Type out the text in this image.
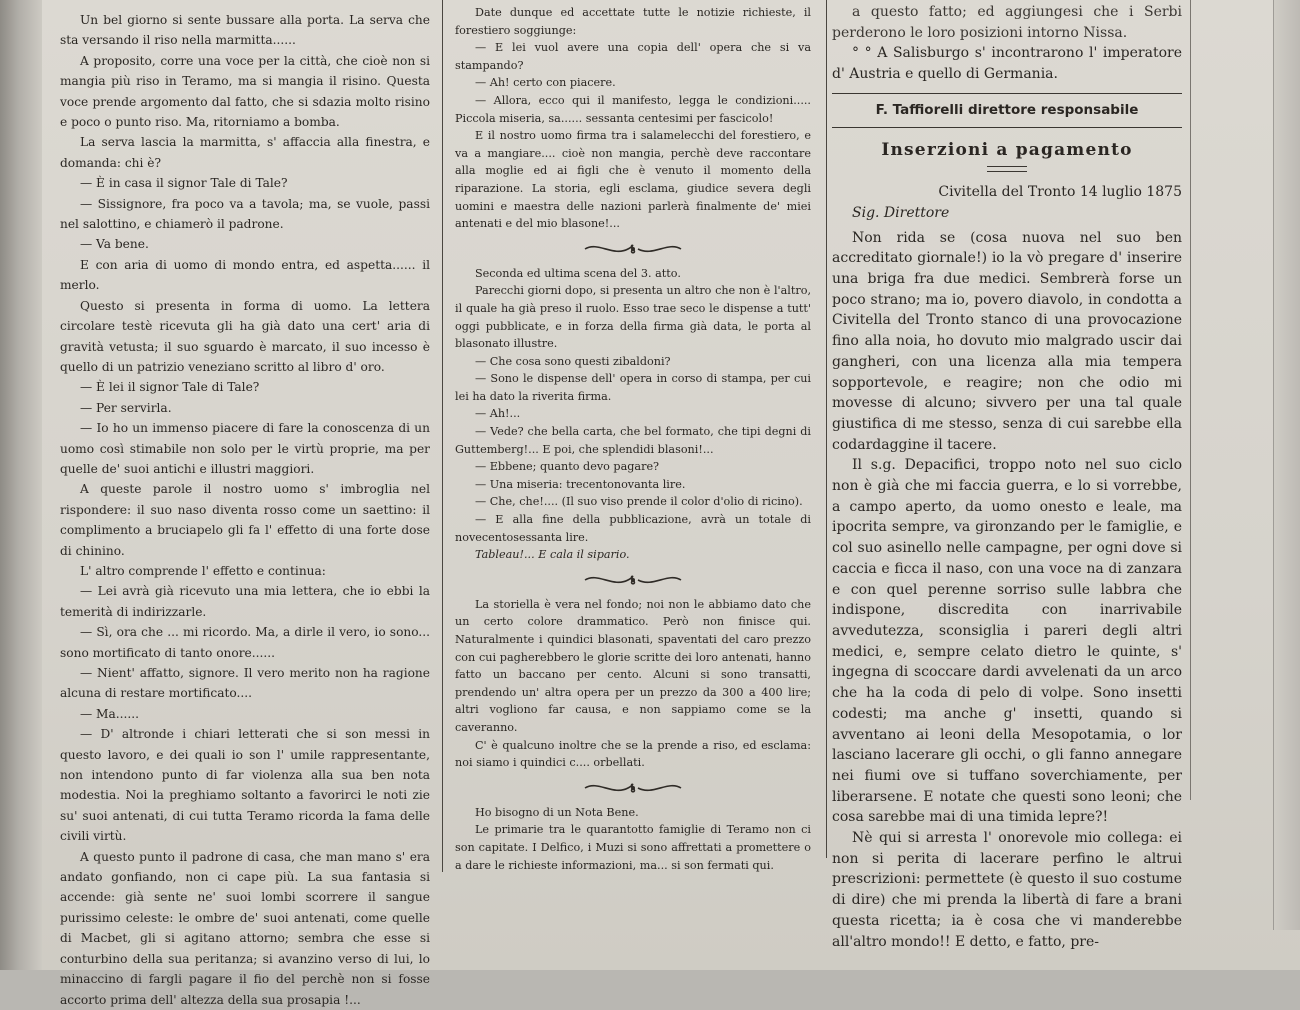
Un bel giorno si sente bussare alla porta. La serva che sta versando il riso nella marmitta......

A proposito, corre una voce per la città, che cioè non si mangia più riso in Teramo, ma si mangia il risino. Questa voce prende argomento dal fatto, che si sdazia molto risino e poco o punto riso. Ma, ritorniamo a bomba.

La serva lascia la marmitta, s' affaccia alla finestra, e domanda: chi è?

— È in casa il signor Tale di Tale?

— Sissignore, fra poco va a tavola; ma, se vuole, passi nel salottino, e chiamerò il padrone.

— Va bene.

E con aria di uomo di mondo entra, ed aspetta...... il merlo.

Questo si presenta in forma di uomo. La lettera circolare testè ricevuta gli ha già dato una cert' aria di gravità vetusta; il suo sguardo è marcato, il suo incesso è quello di un patrizio veneziano scritto al libro d' oro.

— È lei il signor Tale di Tale?

— Per servirla.

— Io ho un immenso piacere di fare la conoscenza di un uomo così stimabile non solo per le virtù proprie, ma per quelle de' suoi antichi e illustri maggiori.

A queste parole il nostro uomo s' imbroglia nel rispondere: il suo naso diventa rosso come un saettino: il complimento a bruciapelo gli fa l' effetto di una forte dose di chinino.

L' altro comprende l' effetto e continua:

— Lei avrà già ricevuto una mia lettera, che io ebbi la temerità di indirizzarle.

— Sì, ora che ... mi ricordo. Ma, a dirle il vero, io sono... sono mortificato di tanto onore......

— Nient' affatto, signore. Il vero merito non ha ragione alcuna di restare mortificato....

— Ma......

— D' altronde i chiari letterati che si son messi in questo lavoro, e dei quali io son l' umile rappresentante, non intendono punto di far violenza alla sua ben nota modestia. Noi la preghiamo soltanto a favorirci le noti zie su' suoi antenati, di cui tutta Teramo ricorda la fama delle civili virtù.

A questo punto il padrone di casa, che man mano s' era andato gonfiando, non ci cape più. La sua fantasia si accende: già sente ne' suoi lombi scorrere il sangue purissimo celeste: le ombre de' suoi antenati, come quelle di Macbet, gli si agitano attorno; sembra che esse si conturbino della sua peritanza; si avanzino verso di lui, lo minaccino di fargli pagare il fio del perchè non si fosse accorto prima dell' altezza della sua prosapia !...

Date dunque ed accettate tutte le notizie richieste, il forestiero soggiunge:

— E lei vuol avere una copia dell' opera che si va stampando?

— Ah! certo con piacere.

— Allora, ecco qui il manifesto, legga le condizioni..... Piccola miseria, sa...... sessanta centesimi per fascicolo!

E il nostro uomo firma tra i salamelecchi del forestiero, e va a mangiare.... cioè non mangia, perchè deve raccontare alla moglie ed ai figli che è venuto il momento della riparazione. La storia, egli esclama, giudice severa degli uomini e maestra delle nazioni parlerà finalmente de' miei antenati e del mio blasone!...

Seconda ed ultima scena del 3. atto.

Parecchi giorni dopo, si presenta un altro che non è l'altro, il quale ha già preso il ruolo. Esso trae seco le dispense a tutt' oggi pubblicate, e in forza della firma già data, le porta al blasonato illustre.

— Che cosa sono questi zibaldoni?

— Sono le dispense dell' opera in corso di stampa, per cui lei ha dato la riverita firma.

— Ah!...

— Vede? che bella carta, che bel formato, che tipi degni di Guttemberg!... E poi, che splendidi blasoni!...

— Ebbene; quanto devo pagare?

— Una miseria: trecentonovanta lire.

— Che, che!.... (Il suo viso prende il color d'olio di ricino).

— E alla fine della pubblicazione, avrà un totale di novecentosessanta lire.

Tableau!... E cala il sipario.

La storiella è vera nel fondo; noi non le abbiamo dato che un certo colore drammatico. Però non finisce qui. Naturalmente i quindici blasonati, spaventati del caro prezzo con cui pagherebbero le glorie scritte dei loro antenati, hanno fatto un baccano per cento. Alcuni si sono transatti, prendendo un' altra opera per un prezzo da 300 a 400 lire; altri vogliono far causa, e non sappiamo come se la caveranno.

C' è qualcuno inoltre che se la prende a riso, ed esclama: noi siamo i quindici c.... orbellati.

Ho bisogno di un Nota Bene.

Le primarie tra le quarantotto famiglie di Teramo non ci son capitate. I Delfico, i Muzi si sono affrettati a promettere o a dare le richieste informazioni, ma... si son fermati qui.

a questo fatto; ed aggiungesi che i Serbi perderono le loro posizioni intorno Nissa.

° ° A Salisburgo s' incontrarono l' imperatore d' Austria e quello di Germania.

F. Taffiorelli direttore responsabile
Inserzioni a pagamento

Civitella del Tronto 14 luglio 1875

Sig. Direttore

Non rida se (cosa nuova nel suo ben accreditato giornale!) io la vò pregare d' inserire una briga fra due medici. Sembrerà forse un poco strano; ma io, povero diavolo, in condotta a Civitella del Tronto stanco di una provocazione fino alla noia, ho dovuto mio malgrado uscir dai gangheri, con una licenza alla mia tempera sopportevole, e reagire; non che odio mi movesse di alcuno; sivvero per una tal quale giustifica di me stesso, senza di cui sarebbe ella codardaggine il tacere.

Il s.g. Depacifici, troppo noto nel suo ciclo non è già che mi faccia guerra, e lo si vorrebbe, a campo aperto, da uomo onesto e leale, ma ipocrita sempre, va gironzando per le famiglie, e col suo asinello nelle campagne, per ogni dove si caccia e ficca il naso, con una voce na di zanzara e con quel perenne sorriso sulle labbra che indispone, discredita con inarrivabile avvedutezza, sconsiglia i pareri degli altri medici, e, sempre celato dietro le quinte, s' ingegna di scoccare dardi avvelenati da un arco che ha la coda di pelo di volpe. Sono insetti codesti; ma anche g' insetti, quando si avventano ai leoni della Mesopotamia, o lor lasciano lacerare gli occhi, o gli fanno annegare nei fiumi ove si tuffano soverchiamente, per liberarsene. E notate che questi sono leoni; che cosa sarebbe mai di una timida lepre?!

Nè qui si arresta l' onorevole mio collega: ei non si perita di lacerare perfino le altrui prescrizioni: permettete (è questo il suo costume di dire) che mi prenda la libertà di fare a brani questa ricetta; ia è cosa che vi manderebbe all'altro mondo!! E detto, e fatto, pre-
